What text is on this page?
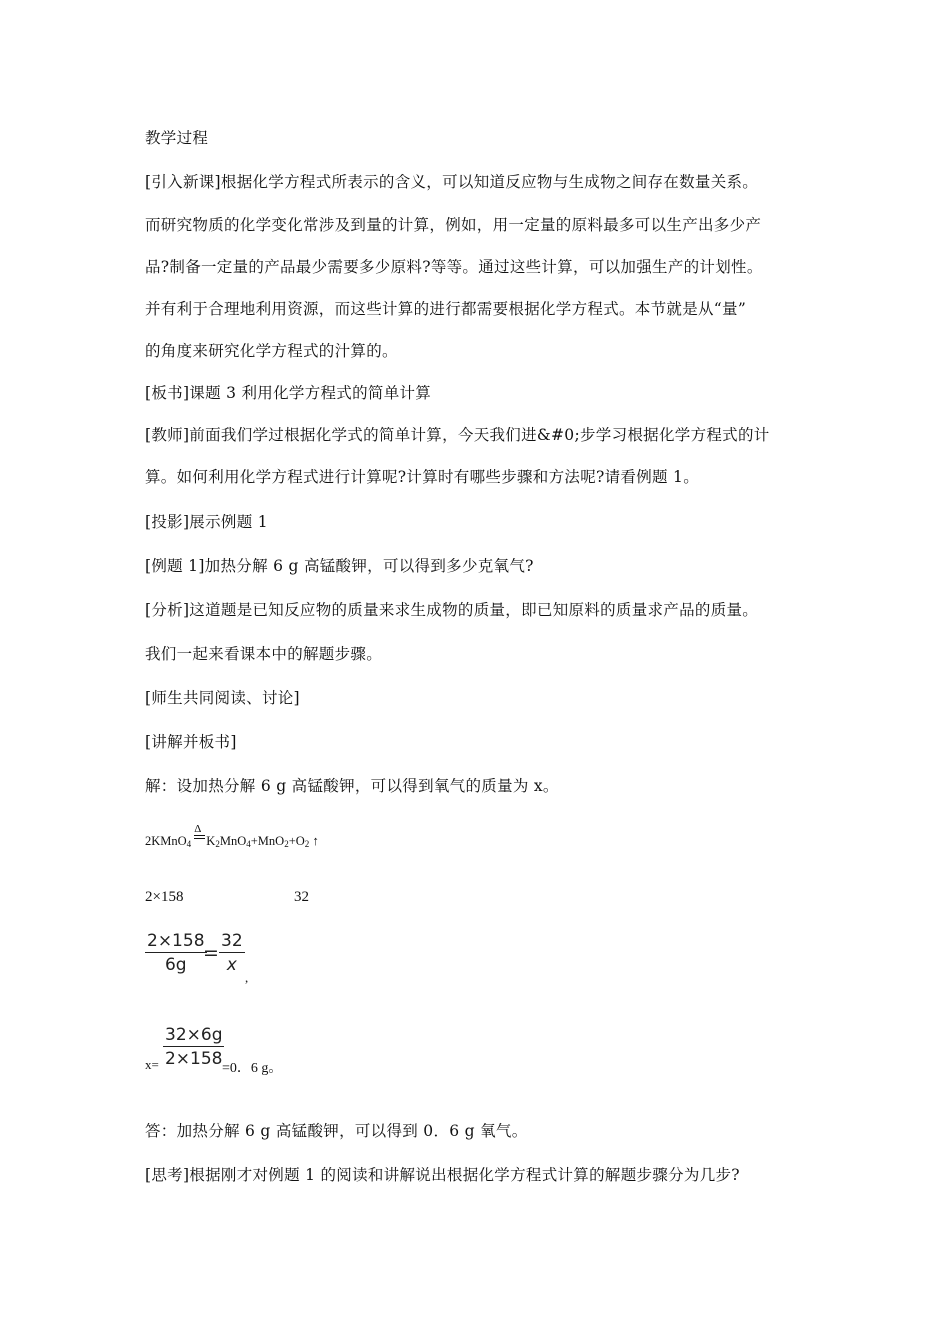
教学过程
[引入新课]根据化学方程式所表示的含义，可以知道反应物与生成物之间存在数量关系。
而研究物质的化学变化常涉及到量的计算，例如，用一定量的原料最多可以生产出多少产
品?制备一定量的产品最少需要多少原料?等等。通过这些计算，可以加强生产的计划性。
并有利于合理地利用资源，而这些计算的进行都需要根据化学方程式。本节就是从“量”
的角度来研究化学方程式的汁算的。
[板书]课题 3 利用化学方程式的简单计算
[教师]前面我们学过根据化学式的简单计算，今天我们进&#0;步学习根据化学方程式的计
算。如何利用化学方程式进行计算呢?计算时有哪些步骤和方法呢?请看例题 1。
[投影]展示例题 1
[例题 1]加热分解 6 g 高锰酸钾，可以得到多少克氧气?
[分析]这道题是已知反应物的质量来求生成物的质量，即已知原料的质量求产品的质量。
我们一起来看课本中的解题步骤。
[师生共同阅读、讨论]
[讲解并板书]
解：设加热分解 6 g 高锰酸钾，可以得到氧气的质量为 x。
2KMnO$_4$
Δ
$K_2MnO_4+MnO_2+O_2$ ↑
2×158	32
$\frac{2\times 158}{6g}$
= $\frac{32}{x}$
,
$x= \frac{32\times 6g}{2\times 158}$
=0．6 g。
答：加热分解 6 g 高锰酸钾，可以得到 0．6 g 氧气。
[思考]根据刚才对例题 1 的阅读和讲解说出根据化学方程式计算的解题步骤分为几步?
